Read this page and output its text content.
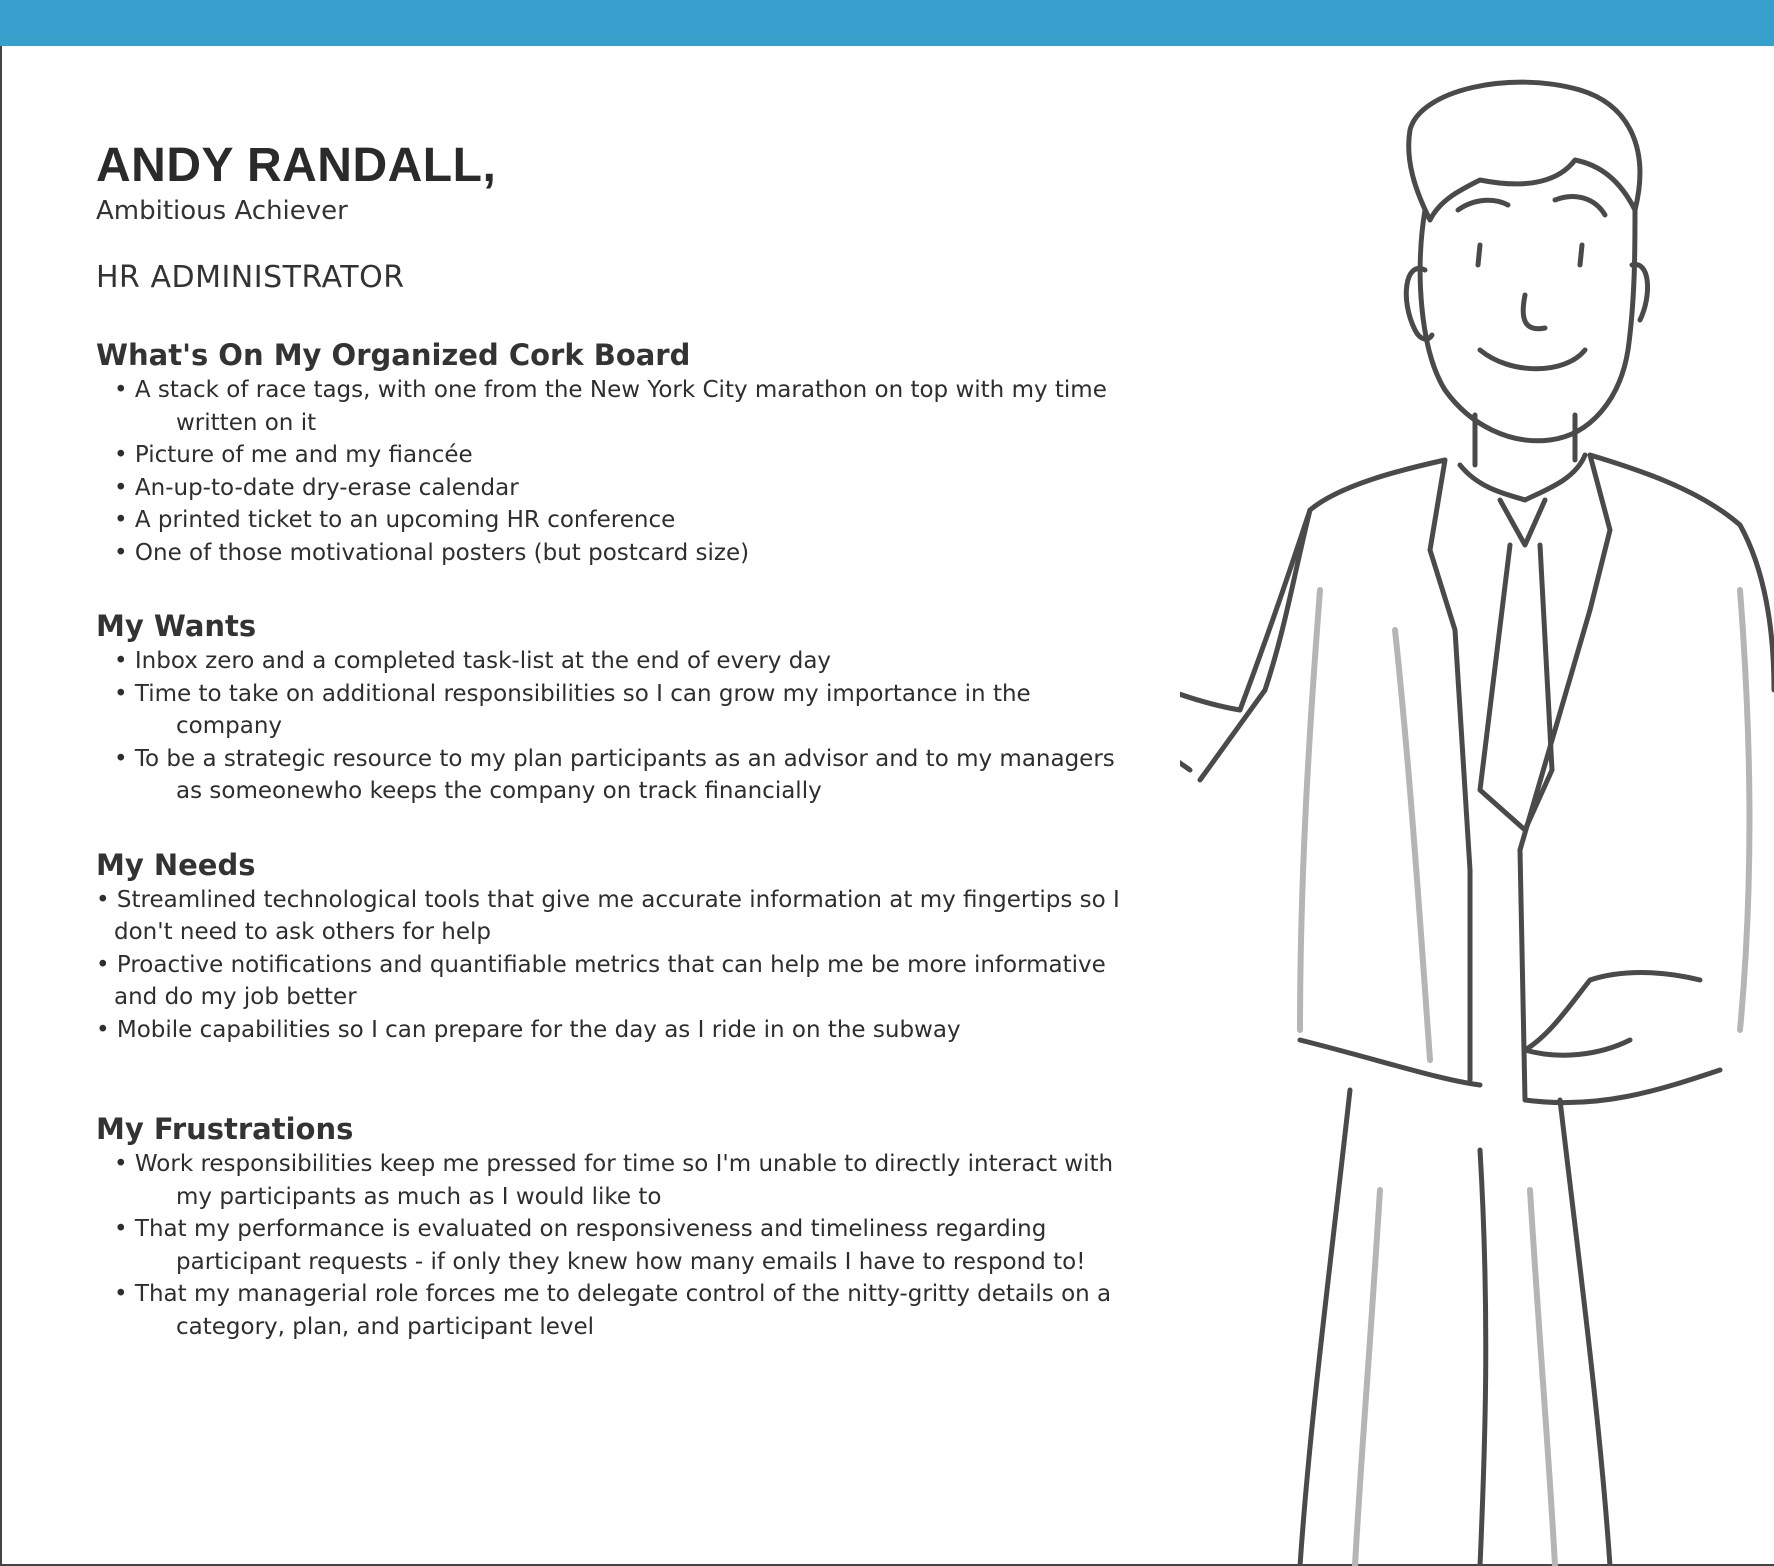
ANDY RANDALL,
Ambitious Achiever
HR ADMINISTRATOR
What's On My Organized Cork Board
• A stack of race tags, with one from the New York City marathon on top with my time written on it
• Picture of me and my fiancée
• An-up-to-date dry-erase calendar
• A printed ticket to an upcoming HR conference
• One of those motivational posters (but postcard size)
My Wants
• Inbox zero and a completed task-list at the end of every day
• Time to take on additional responsibilities so I can grow my importance in the company
• To be a strategic resource to my plan participants as an advisor and to my managers as someonewho keeps the company on track financially
My Needs
• Streamlined technological tools that give me accurate information at my fingertips so I don't need to ask others for help
• Proactive notifications and quantifiable metrics that can help me be more informative and do my job better
• Mobile capabilities so I can prepare for the day as I ride in on the subway
My Frustrations
• Work responsibilities keep me pressed for time so I'm unable to directly interact with my participants as much as I would like to
• That my performance is evaluated on responsiveness and timeliness regarding participant requests - if only they knew how many emails I have to respond to!
• That my managerial role forces me to delegate control of the nitty-gritty details on a category, plan, and participant level
